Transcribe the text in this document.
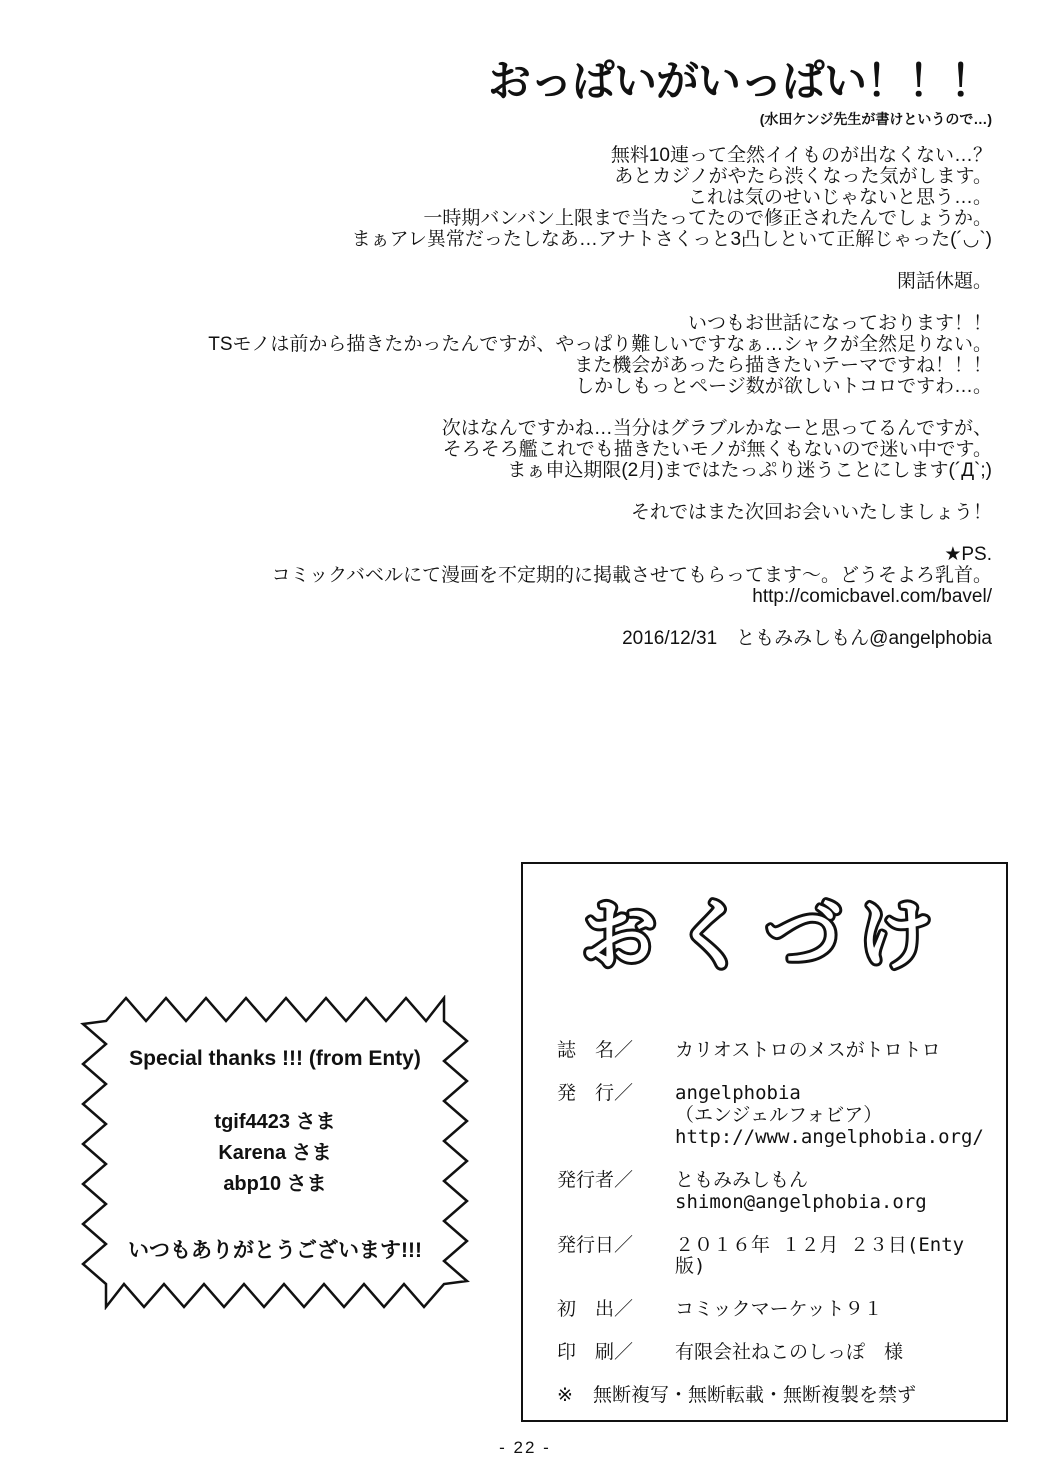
おっぱいがいっぱい！！！
(水田ケンジ先生が書けというので…)
無料10連って全然イイものが出なくない…？
あとカジノがやたら渋くなった気がします。
これは気のせいじゃないと思う…。
一時期バンバン上限まで当たってたので修正されたんでしょうか。
まぁアレ異常だったしなあ…アナトさくっと3凸しといて正解じゃった(´◡`)
閑話休題。
いつもお世話になっております！！
TSモノは前から描きたかったんですが、やっぱり難しいですなぁ…シャクが全然足りない。
また機会があったら描きたいテーマですね！！！
しかしもっとページ数が欲しいトコロですわ…。
次はなんですかね…当分はグラブルかなーと思ってるんですが、
そろそろ艦これでも描きたいモノが無くもないので迷い中です。
まぁ申込期限(2月)まではたっぷり迷うことにします(´Д`;)
それではまた次回お会いいたしましょう！
★PS.
コミックバベルにて漫画を不定期的に掲載させてもらってます～。どうそよろ乳首。
http://comicbavel.com/bavel/
2016/12/31　ともみみしもん@angelphobia
Special thanks !!! (from Enty)
tgif4423 さま
Karena さま
abp10 さま
いつもありがとうございます!!!
おくづけ
誌　名／	カリオストロのメスがトロトロ
発　行／	angelphobia
（エンジェルフォビア）
http://www.angelphobia.org/
発行者／	ともみみしもん
shimon@angelphobia.org
発行日／	２０１６年 １２月 ２３日(Enty版)
初　出／	コミックマーケット９１
印　刷／	有限会社ねこのしっぽ　様
※	無断複写・無断転載・無断複製を禁ず
- 22 -
